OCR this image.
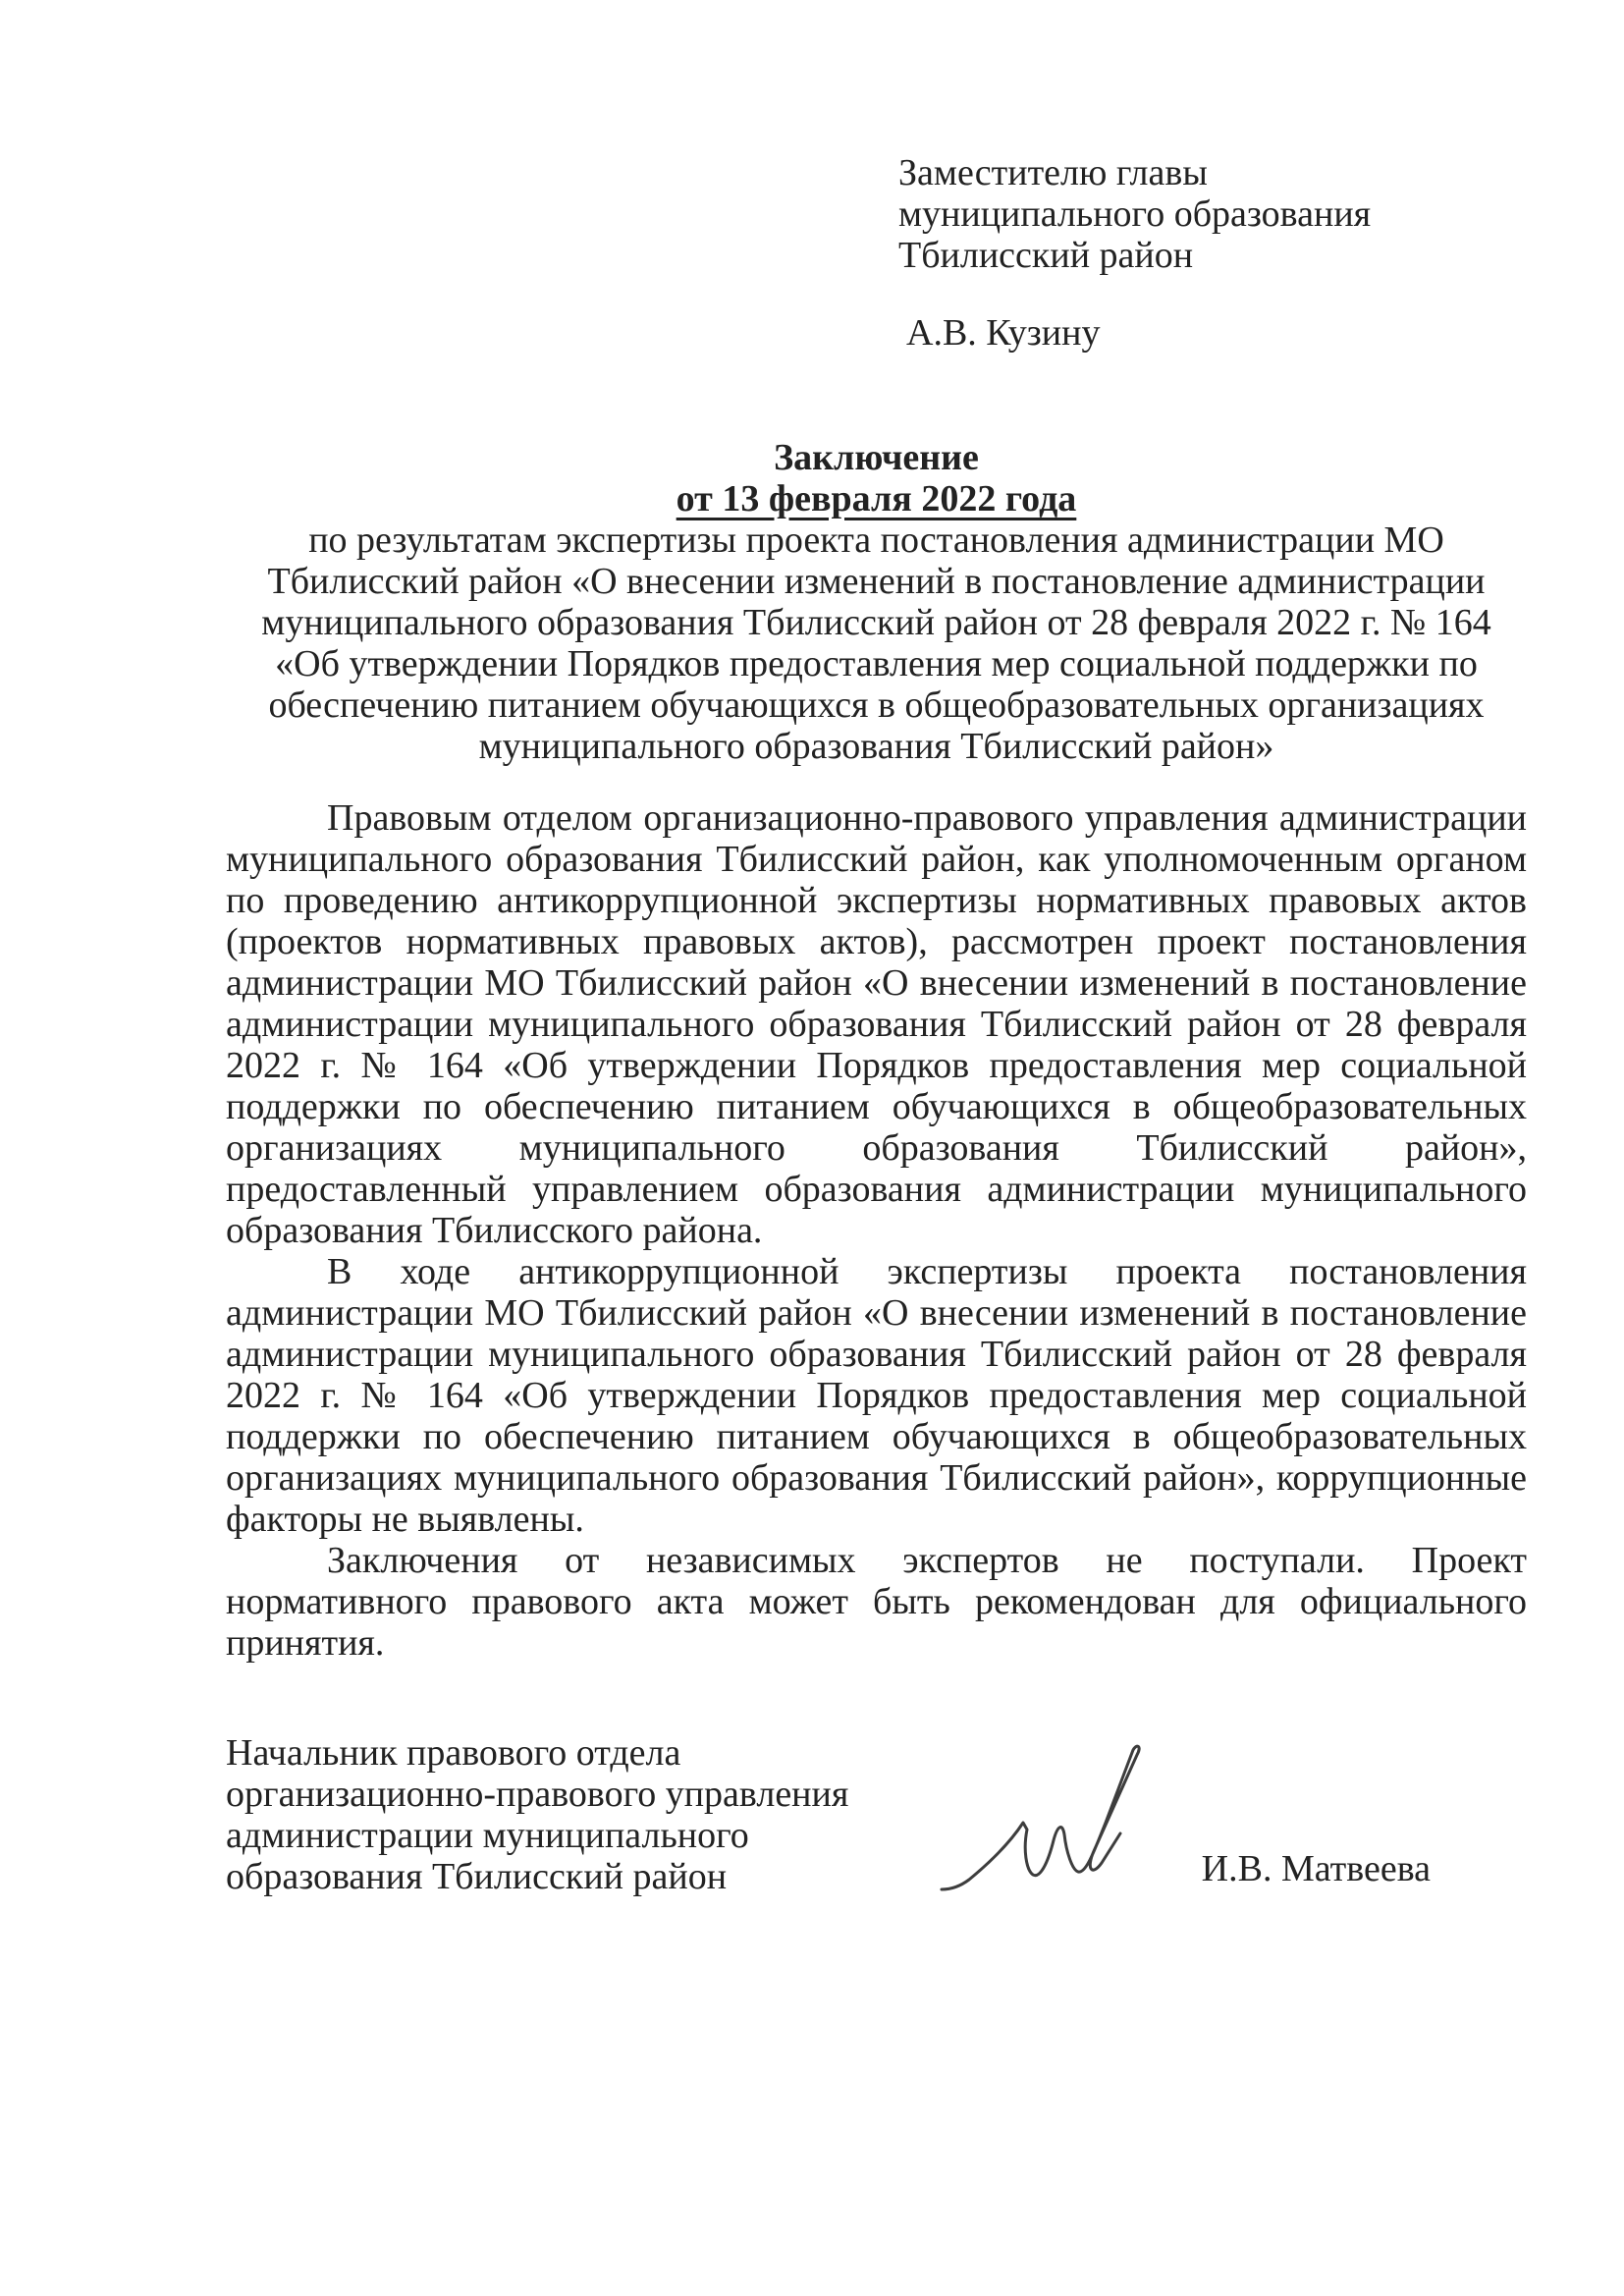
Заместителю главы
муниципального образования
Тбилисский район
А.В. Кузину
Заключение
от 13 февраля 2022 года
по результатам экспертизы проекта постановления администрации МО Тбилисский район «О внесении изменений в постановление администрации муниципального образования Тбилисский район от 28 февраля 2022 г. № 164 «Об утверждении Порядков предоставления мер социальной поддержки по обеспечению питанием обучающихся в общеобразовательных организациях муниципального образования Тбилисский район»

Правовым отделом организационно-правового управления администрации муниципального образования Тбилисский район, как уполномоченным органом по проведению антикоррупционной экспертизы нормативных правовых актов (проектов нормативных правовых актов), рассмотрен проект постановления администрации МО Тбилисский район «О внесении изменений в постановление администрации муниципального образования Тбилисский район от 28 февраля 2022 г. № 164 «Об утверждении Порядков предоставления мер социальной поддержки по обеспечению питанием обучающихся в общеобразовательных организациях муниципального образования Тбилисский район», предоставленный управлением образования администрации муниципального образования Тбилисского района.

В ходе антикоррупционной экспертизы проекта постановления администрации МО Тбилисский район «О внесении изменений в постановление администрации муниципального образования Тбилисский район от 28 февраля 2022 г. № 164 «Об утверждении Порядков предоставления мер социальной поддержки по обеспечению питанием обучающихся в общеобразовательных организациях муниципального образования Тбилисский район», коррупционные факторы не выявлены.

Заключения от независимых экспертов не поступали. Проект нормативного правового акта может быть рекомендован для официального принятия.

Начальник правового отдела
организационно-правового управления
администрации муниципального
образования Тбилисский район	И.В. Матвеева
